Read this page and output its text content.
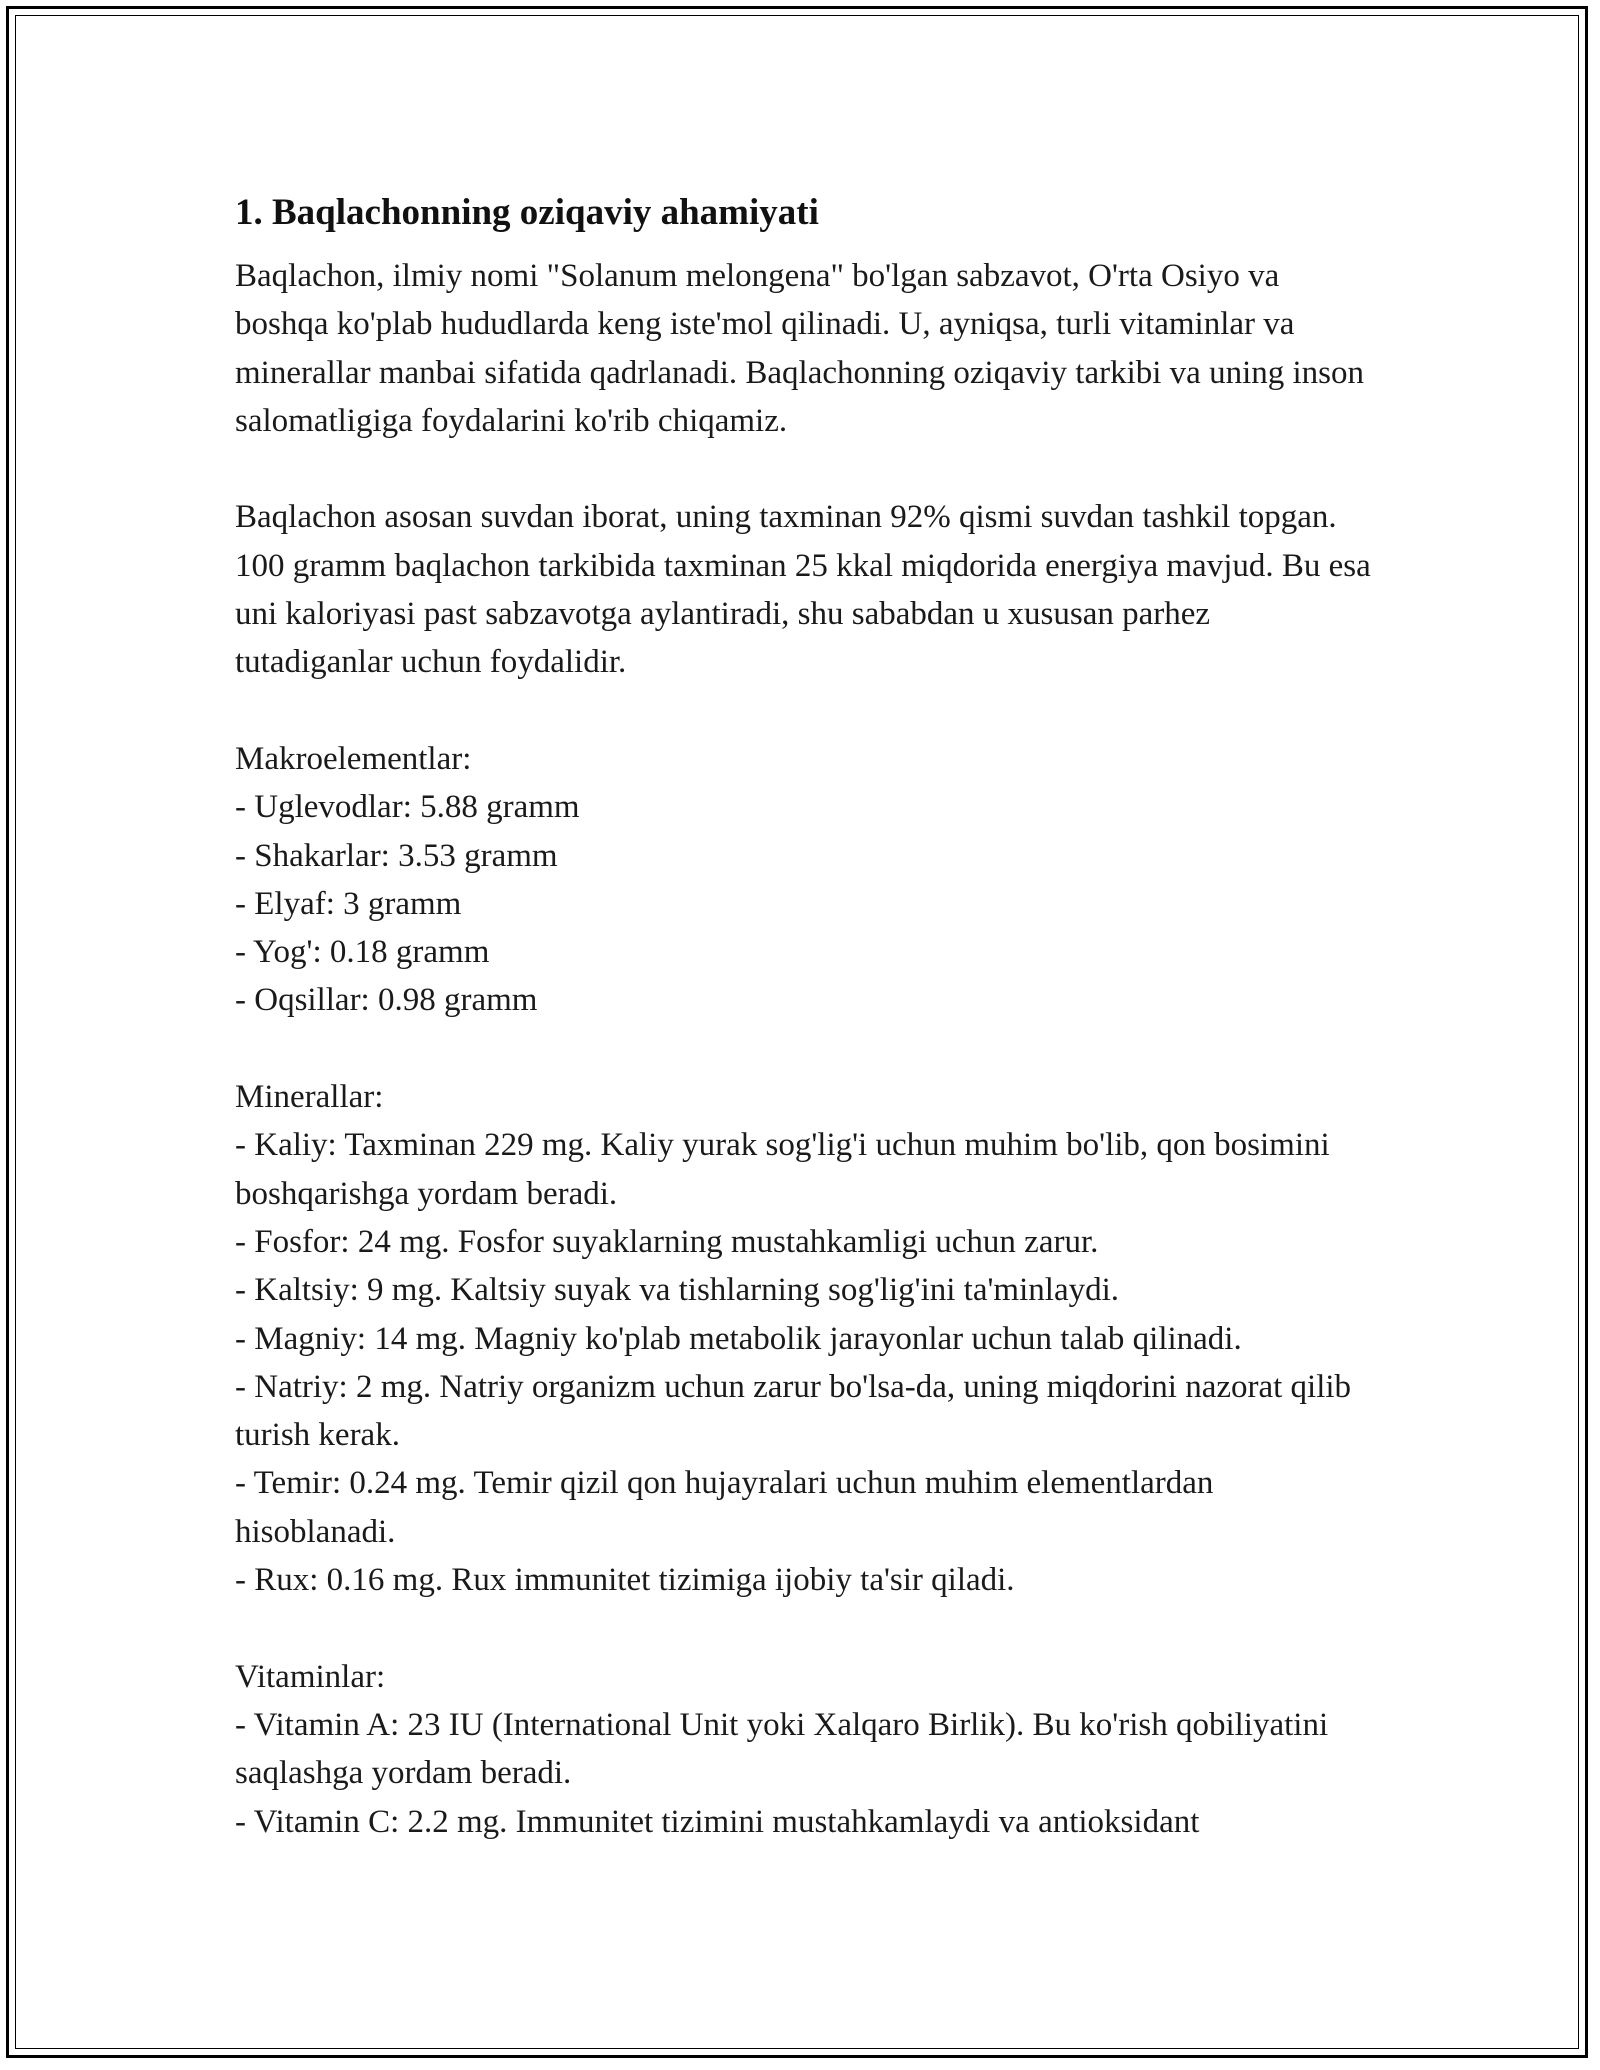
1. Baqlachonning oziqaviy ahamiyati

Baqlachon, ilmiy nomi "Solanum melongena" bo'lgan sabzavot, O'rta Osiyo va boshqa ko'plab hududlarda keng iste'mol qilinadi. U, ayniqsa, turli vitaminlar va minerallar manbai sifatida qadrlanadi. Baqlachonning oziqaviy tarkibi va uning inson salomatligiga foydalarini ko'rib chiqamiz.

Baqlachon asosan suvdan iborat, uning taxminan 92% qismi suvdan tashkil topgan. 100 gramm baqlachon tarkibida taxminan 25 kkal miqdorida energiya mavjud. Bu esa uni kaloriyasi past sabzavotga aylantiradi, shu sababdan u xususan parhez tutadiganlar uchun foydalidir.

Makroelementlar:
- Uglevodlar: 5.88 gramm
- Shakarlar: 3.53 gramm
- Elyaf: 3 gramm
- Yog': 0.18 gramm
- Oqsillar: 0.98 gramm
Minerallar:
- Kaliy: Taxminan 229 mg. Kaliy yurak sog'lig'i uchun muhim bo'lib, qon bosimini boshqarishga yordam beradi.
- Fosfor: 24 mg. Fosfor suyaklarning mustahkamligi uchun zarur.
- Kaltsiy: 9 mg. Kaltsiy suyak va tishlarning sog'lig'ini ta'minlaydi.
- Magniy: 14 mg. Magniy ko'plab metabolik jarayonlar uchun talab qilinadi.
- Natriy: 2 mg. Natriy organizm uchun zarur bo'lsa-da, uning miqdorini nazorat qilib turish kerak.
- Temir: 0.24 mg. Temir qizil qon hujayralari uchun muhim elementlardan hisoblanadi.
- Rux: 0.16 mg. Rux immunitet tizimiga ijobiy ta'sir qiladi.
Vitaminlar:
- Vitamin A: 23 IU (International Unit yoki Xalqaro Birlik). Bu ko'rish qobiliyatini saqlashga yordam beradi.
- Vitamin C: 2.2 mg. Immunitet tizimini mustahkamlaydi va antioksidant
